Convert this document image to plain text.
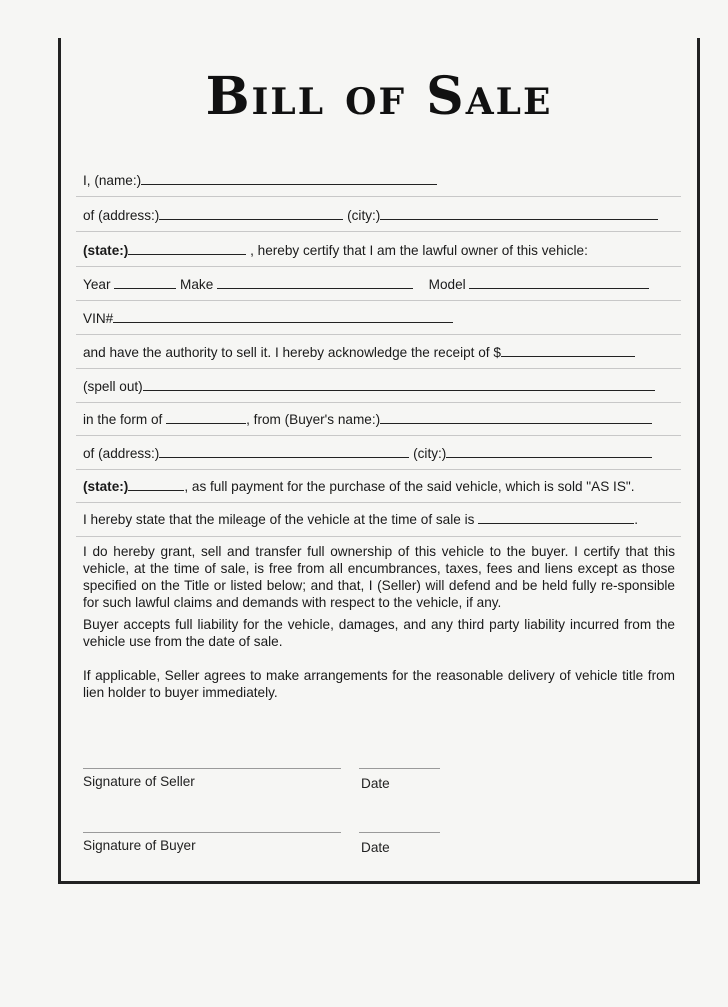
Bill of Sale
I, (name:)
of (address:)	(city:)
(state:)	, hereby certify that I am the lawful owner of this vehicle:
Year	Make	Model
VIN#
and have the authority to sell it. I hereby acknowledge the receipt of $
(spell out)
in the form of	, from (Buyer's name:)
of (address:)	(city:)
(state:)	, as full payment for the purchase of the said vehicle, which is sold "AS IS".
I hereby state that the mileage of the vehicle at the time of sale is	.
I do hereby grant, sell and transfer full ownership of this vehicle to the buyer. I certify that this vehicle, at the time of sale, is free from all encumbrances, taxes, fees and liens except as those specified on the Title or listed below; and that, I (Seller) will defend and be held fully re-sponsible for such lawful claims and demands with respect to the vehicle, if any.
Buyer accepts full liability for the vehicle, damages, and any third party liability incurred from the vehicle use from the date of sale.
If applicable, Seller agrees to make arrangements for the reasonable delivery of vehicle title from lien holder to buyer immediately.
Signature of Seller	Date
Signature of Buyer	Date
